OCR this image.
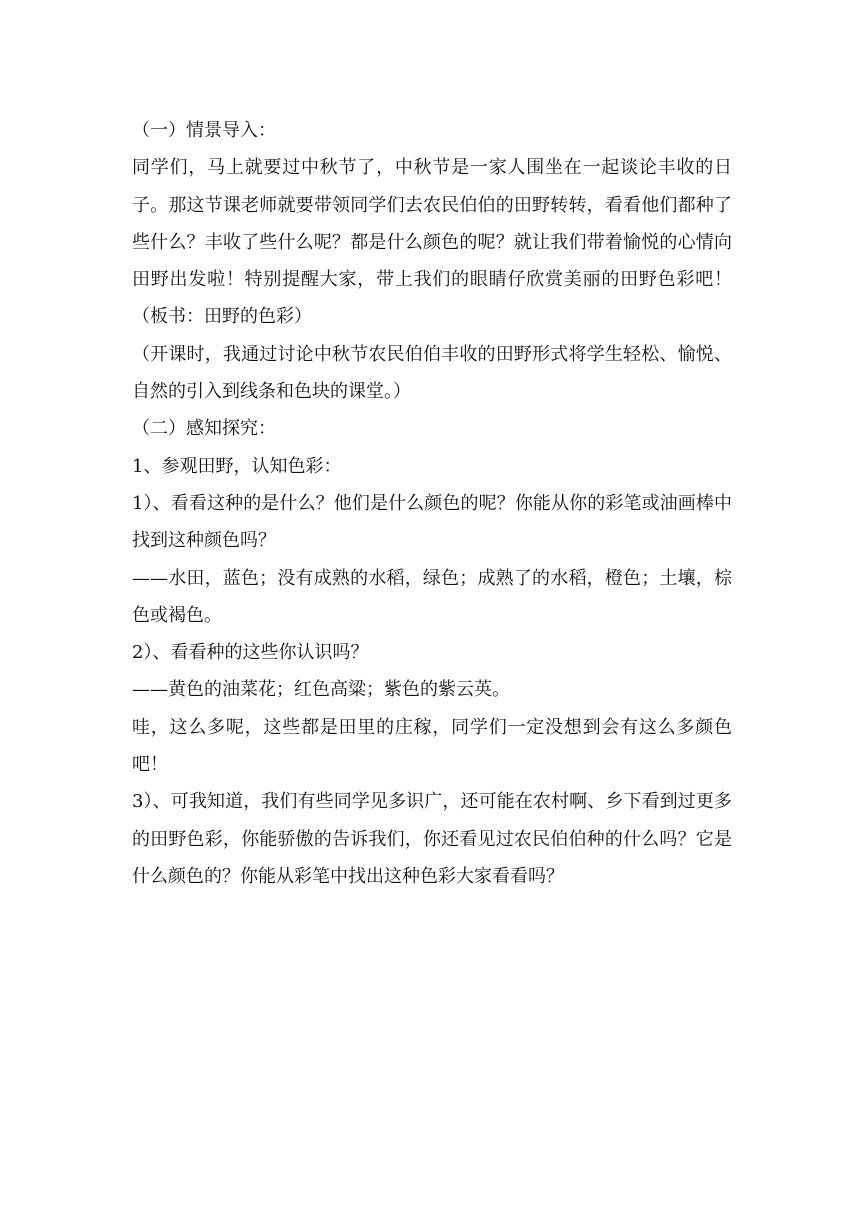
（一）情景导入：

同学们，马上就要过中秋节了，中秋节是一家人围坐在一起谈论丰收的日子。那这节课老师就要带领同学们去农民伯伯的田野转转，看看他们都种了些什么？丰收了些什么呢？都是什么颜色的呢？就让我们带着愉悦的心情向田野出发啦！特别提醒大家，带上我们的眼睛仔欣赏美丽的田野色彩吧！（板书：田野的色彩）

（开课时，我通过讨论中秋节农民伯伯丰收的田野形式将学生轻松、愉悦、自然的引入到线条和色块的课堂。）

（二）感知探究：

1、参观田野，认知色彩：

1）、看看这种的是什么？他们是什么颜色的呢？你能从你的彩笔或油画棒中找到这种颜色吗？

——水田，蓝色；没有成熟的水稻，绿色；成熟了的水稻，橙色；土壤，棕色或褐色。

2）、看看种的这些你认识吗？

——黄色的油菜花；红色高粱；紫色的紫云英。

哇，这么多呢，这些都是田里的庄稼，同学们一定没想到会有这么多颜色吧！

3）、可我知道，我们有些同学见多识广，还可能在农村啊、乡下看到过更多的田野色彩，你能骄傲的告诉我们，你还看见过农民伯伯种的什么吗？它是什么颜色的？你能从彩笔中找出这种色彩大家看看吗？
